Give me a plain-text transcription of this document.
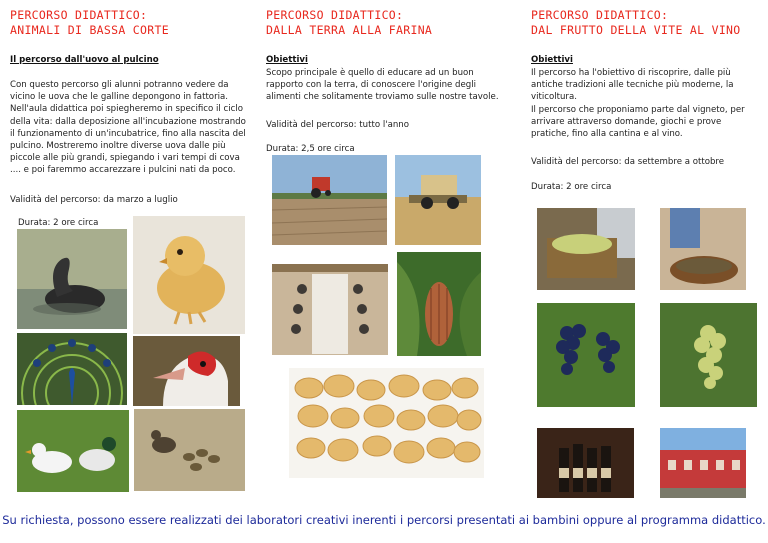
PERCORSO DIDATTICO:
ANIMALI DI BASSA CORTE
Il percorso dall'uovo al pulcino
Con questo percorso gli alunni potranno vedere da vicino le uova che le galline depongono in fattoria. Nell'aula didattica poi spiegheremo in specifico il ciclo della vita: dalla deposizione all'incubazione mostrando il funzionamento di un'incubatrice, fino alla nascita del pulcino. Mostreremo inoltre diverse uova dalle più piccole alle più grandi, spiegando i vari tempi di cova .... e poi faremmo accarezzare i pulcini nati da poco.
Validità del percorso: da marzo a luglio
Durata: 2 ore circa
PERCORSO DIDATTICO:
DALLA TERRA ALLA FARINA
Obiettivi
Scopo principale è quello di educare ad un buon rapporto con la terra, di conoscere l'origine degli alimenti che solitamente troviamo sulle nostre tavole.
Validità del percorso: tutto l'anno
Durata: 2,5 ore circa
PERCORSO DIDATTICO:
DAL FRUTTO DELLA VITE AL VINO
Obiettivi
Il percorso ha l'obiettivo di riscoprire, dalle più antiche tradizioni alle tecniche più moderne, la viticoltura.
Il percorso che proponiamo parte dal vigneto, per arrivare attraverso domande, giochi e prove pratiche, fino alla cantina e al vino.
Validità del percorso: da settembre a ottobre
Durata: 2 ore circa
Su richiesta, possono essere realizzati dei laboratori creativi inerenti i percorsi presentati ai bambini oppure al programma didattico.
